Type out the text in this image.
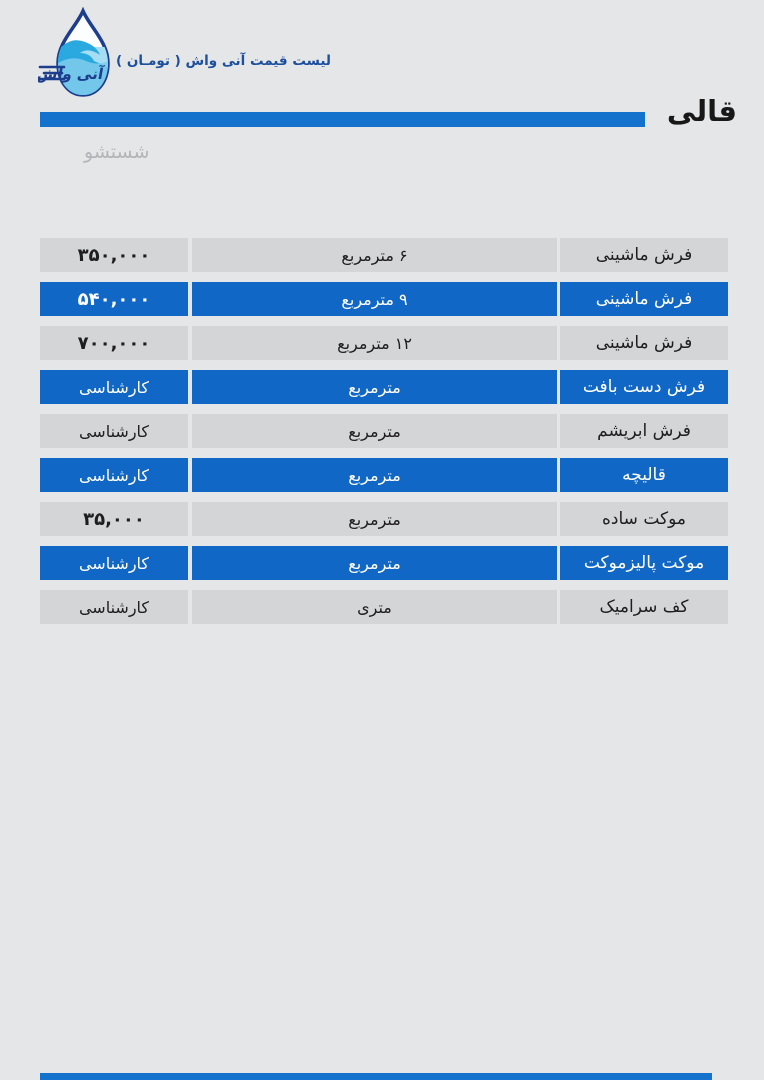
آنی واش
لیست قیمت آنی واش ( تومـان )
قالی
شستشو
فرش ماشینی
۶ مترمربع
۳۵۰,۰۰۰
فرش ماشینی
۹ مترمربع
۵۴۰,۰۰۰
فرش ماشینی
۱۲ مترمربع
۷۰۰,۰۰۰
فرش دست بافت
مترمربع
کارشناسی
فرش ابریشم
مترمربع
کارشناسی
قالیچه
مترمربع
کارشناسی
موکت ساده
مترمربع
۳۵,۰۰۰
موکت پالیزموکت
مترمربع
کارشناسی
کف سرامیک
متری
کارشناسی
